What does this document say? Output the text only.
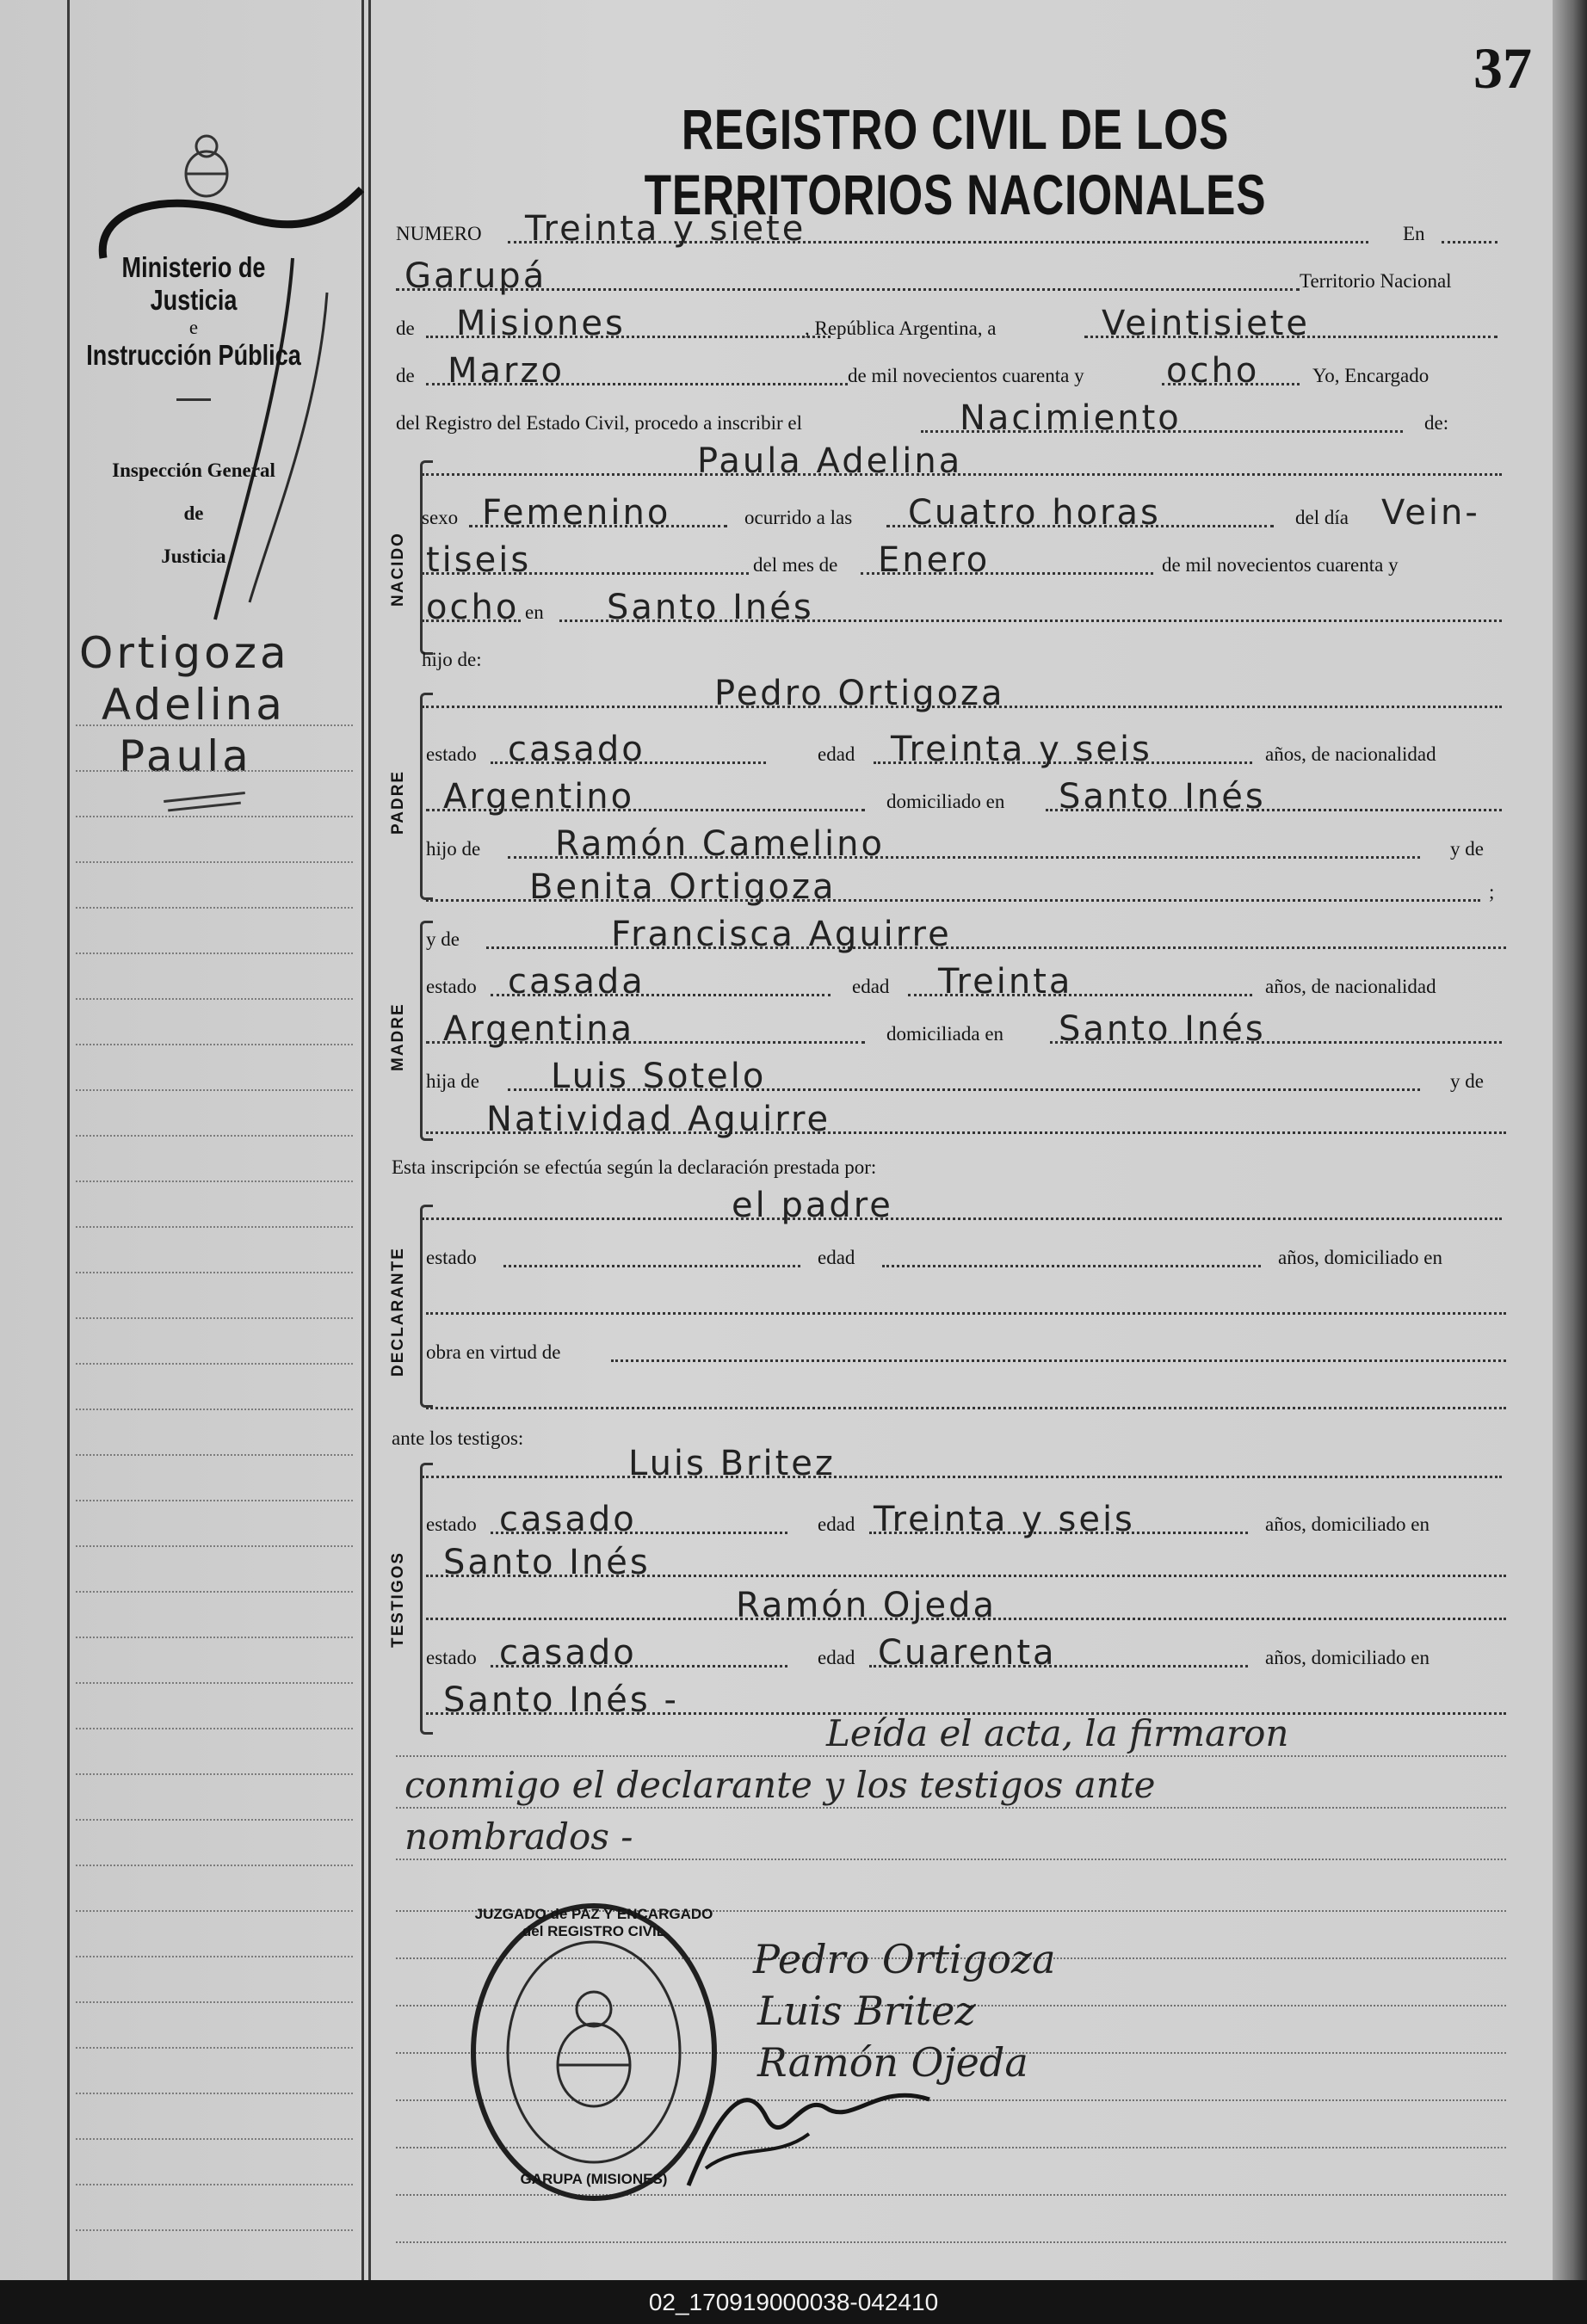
Ministerio de Justicia
e
Instrucción Pública
Inspección General
de
Justicia
Ortigoza
Adelina
Paula
37
REGISTRO CIVIL DE LOS TERRITORIOS NACIONALES
NUMERO Treinta y siete	En
Garupá	Territorio Nacional
de Misiones	, República Argentina, a	Veintisiete
de Marzo	de mil novecientos cuarenta y ocho	Yo, Encargado
del Registro del Estado Civil, procedo a inscribir el	Nacimiento	de:
Paula Adelina
NACIDO
sexo Femenino	ocurrido a las Cuatro horas	del día Vein-
tiseis	del mes de Enero	de mil novecientos cuarenta y
ocho en Santo Inés
hijo de:
Pedro Ortigoza
PADRE
estado casado	edad Treinta y seis	años, de nacionalidad
Argentino	domiciliado en Santo Inés
hijo de Ramón Camelino	y de
Benita Ortigoza	;
MADRE
y de	Francisca Aguirre
estado casada	edad Treinta	años, de nacionalidad
Argentina	domiciliada en Santo Inés
hija de Luis Sotelo	y de
Natividad Aguirre
Esta inscripción se efectúa según la declaración prestada por:
el padre
DECLARANTE estado	edad	años, domiciliado en
obra en virtud de
ante los testigos:
Luis Britez
TESTIGOS
estado casado	edad Treinta y seis	años, domiciliado en
Santo Inés
Ramón Ojeda
estado casado	edad Cuarenta	años, domiciliado en
Santo Inés -
Leída el acta, la firmaron
conmigo el declarante y los testigos ante
nombrados -
JUZGADO de PAZ Y ENCARGADO del REGISTRO CIVIL
GARUPA (MISIONES)
Pedro Ortigoza
Luis Britez
Ramón Ojeda
02_170919000038-042410
